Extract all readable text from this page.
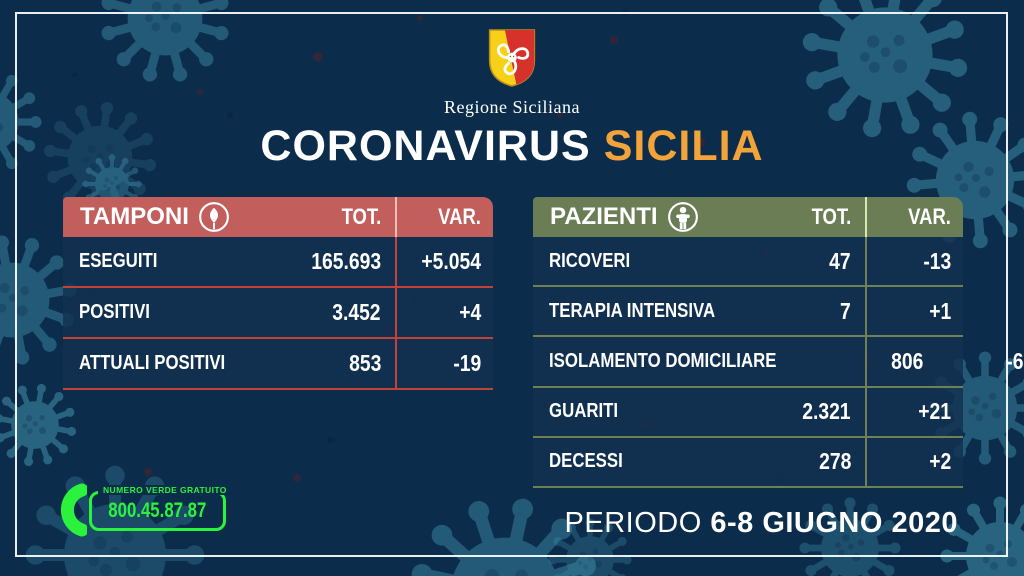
Regione Siciliana
CORONAVIRUS SICILIA
TAMPONI	TOT.	VAR.
ESEGUITI	165.693	+5.054
POSITIVI	3.452	+4
ATTUALI POSITIVI	853	-19
PAZIENTI	TOT.	VAR.
RICOVERI	47	-13
TERAPIA INTENSIVA	7	+1
ISOLAMENTO DOMICILIARE	806	-6
GUARITI	2.321	+21
DECESSI	278	+2
NUMERO VERDE GRATUITO
800.45.87.87	PERIODO 6-8 GIUGNO 2020
